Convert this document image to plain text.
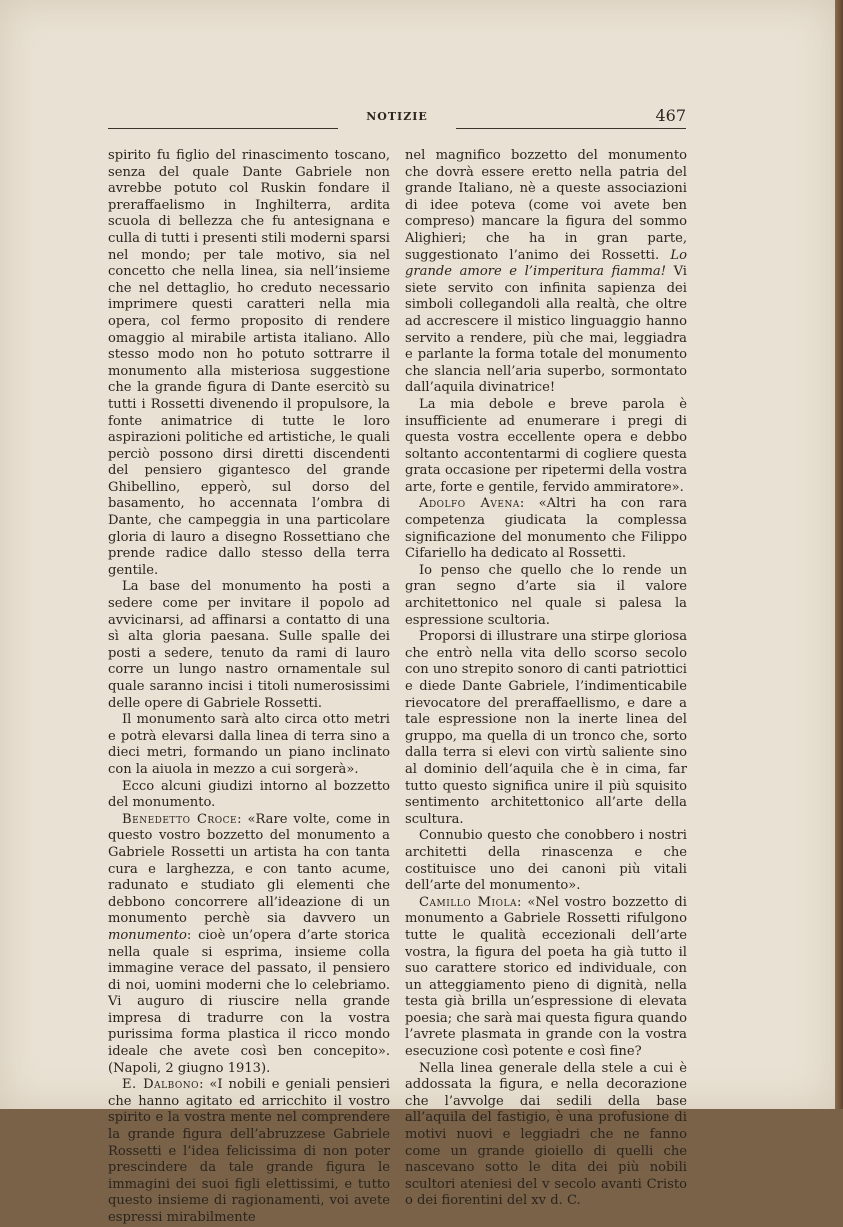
NOTIZIE	467

spirito fu figlio del rinascimento toscano, senza del quale Dante Gabriele non avrebbe potuto col Ruskin fondare il preraffaelismo in Inghilterra, ardita scuola di bellezza che fu antesignana e culla di tutti i presenti stili moderni sparsi nel mondo; per tale motivo, sia nel concetto che nella linea, sia nell’insieme che nel dettaglio, ho creduto necessario imprimere questi caratteri nella mia opera, col fermo proposito di rendere omaggio al mirabile artista italiano. Allo stesso modo non ho potuto sottrarre il monumento alla misteriosa suggestione che la grande figura di Dante esercitò su tutti i Rossetti divenendo il propulsore, la fonte animatrice di tutte le loro aspirazioni politiche ed artistiche, le quali perciò possono dirsi diretti discendenti del pensiero gigantesco del grande Ghibellino, epperò, sul dorso del basamento, ho accennata l’ombra di Dante, che campeggia in una particolare gloria di lauro a disegno Rossettiano che prende radice dallo stesso della terra gentile.

La base del monumento ha posti a sedere come per invitare il popolo ad avvicinarsi, ad affinarsi a contatto di una sì alta gloria paesana. Sulle spalle dei posti a sedere, tenuto da rami di lauro corre un lungo nastro ornamentale sul quale saranno incisi i titoli numerosissimi delle opere di Gabriele Rossetti.

Il monumento sarà alto circa otto metri e potrà elevarsi dalla linea di terra sino a dieci metri, formando un piano inclinato con la aiuola in mezzo a cui sorgerà».

Ecco alcuni giudizi intorno al bozzetto del monumento.

Benedetto Croce: «Rare volte, come in questo vostro bozzetto del monumento a Gabriele Rossetti un artista ha con tanta cura e larghezza, e con tanto acume, radunato e studiato gli elementi che debbono concorrere all’ideazione di un monumento perchè sia davvero un monumento: cioè un’opera d’arte storica nella quale si esprima, insieme colla immagine verace del passato, il pensiero di noi, uomini moderni che lo celebriamo. Vi auguro di riuscire nella grande impresa di tradurre con la vostra purissima forma plastica il ricco mondo ideale che avete così ben concepito». (Napoli, 2 giugno 1913).

E. Dalbono: «I nobili e geniali pensieri che hanno agitato ed arricchito il vostro spirito e la vostra mente nel comprendere la grande figura dell’abruzzese Gabriele Rossetti e l’idea felicissima di non poter prescindere da tale grande figura le immagini dei suoi figli elettissimi, e tutto questo insieme di ragionamenti, voi avete espressi mirabilmente

nel magnifico bozzetto del monumento che dovrà essere eretto nella patria del grande Italiano, nè a queste associazioni di idee poteva (come voi avete ben compreso) mancare la figura del sommo Alighieri; che ha in gran parte, suggestionato l’animo dei Rossetti. Lo grande amore e l’imperitura fiamma! Vi siete servito con infinita sapienza dei simboli collegandoli alla realtà, che oltre ad accrescere il mistico linguaggio hanno servito a rendere, più che mai, leggiadra e parlante la forma totale del monumento che slancia nell’aria superbo, sormontato dall’aquila divinatrice!

La mia debole e breve parola è insufficiente ad enumerare i pregi di questa vostra eccellente opera e debbo soltanto accontentarmi di cogliere questa grata occasione per ripetermi della vostra arte, forte e gentile, fervido ammiratore».

Adolfo Avena: «Altri ha con rara competenza giudicata la complessa significazione del monumento che Filippo Cifariello ha dedicato al Rossetti.

Io penso che quello che lo rende un gran segno d’arte sia il valore architettonico nel quale si palesa la espressione scultoria.

Proporsi di illustrare una stirpe gloriosa che entrò nella vita dello scorso secolo con uno strepito sonoro di canti patriottici e diede Dante Gabriele, l’indimenticabile rievocatore del preraffaellismo, e dare a tale espressione non la inerte linea del gruppo, ma quella di un tronco che, sorto dalla terra si elevi con virtù saliente sino al dominio dell’aquila che è in cima, far tutto questo significa unire il più squisito sentimento architettonico all’arte della scultura.

Connubio questo che conobbero i nostri architetti della rinascenza e che costituisce uno dei canoni più vitali dell’arte del monumento».

Camillo Miola: «Nel vostro bozzetto di monumento a Gabriele Rossetti rifulgono tutte le qualità eccezionali dell’arte vostra, la figura del poeta ha già tutto il suo carattere storico ed individuale, con un atteggiamento pieno di dignità, nella testa già brilla un’espressione di elevata poesia; che sarà mai questa figura quando l’avrete plasmata in grande con la vostra esecuzione così potente e così fine?

Nella linea generale della stele a cui è addossata la figura, e nella decorazione che l’avvolge dai sedili della base all’aquila del fastigio, è una profusione di motivi nuovi e leggiadri che ne fanno come un grande gioiello di quelli che nascevano sotto le dita dei più nobili scultori ateniesi del v secolo avanti Cristo o dei fiorentini del xv d. C.
